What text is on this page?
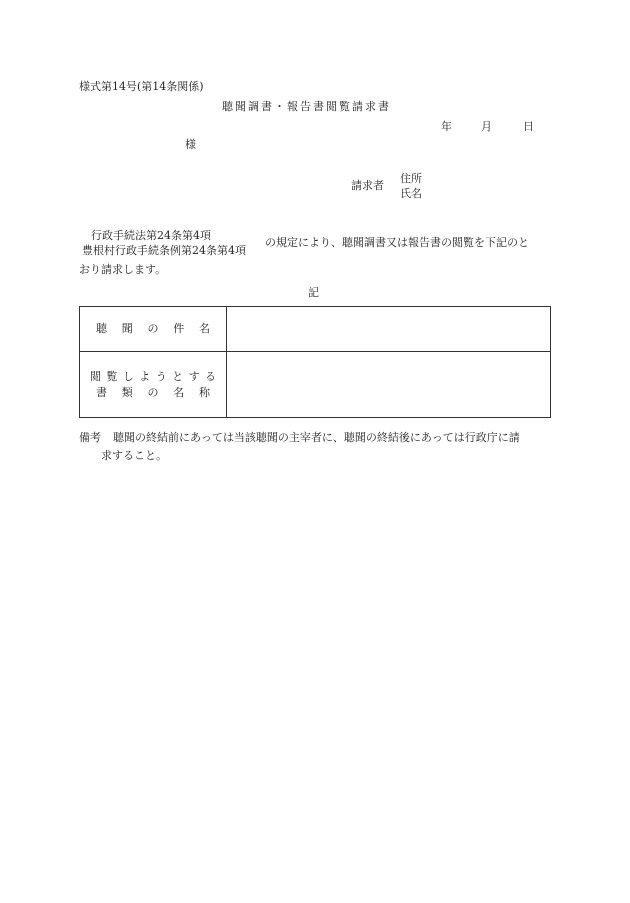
様式第14号(第14条関係)
聴聞調書・報告書閲覧請求書
年	月	日
様
請求者
住所
氏名
行政手続法第24条第4項
豊根村行政手続条例第24条第4項
の規定により、聴聞調書又は報告書の閲覧を下記のと
おり請求します。
記
聴聞の件名	

閲覧しようとする
書類の名称	

備考 聴聞の終結前にあっては当該聴聞の主宰者に、聴聞の終結後にあっては行政庁に請
求すること。
